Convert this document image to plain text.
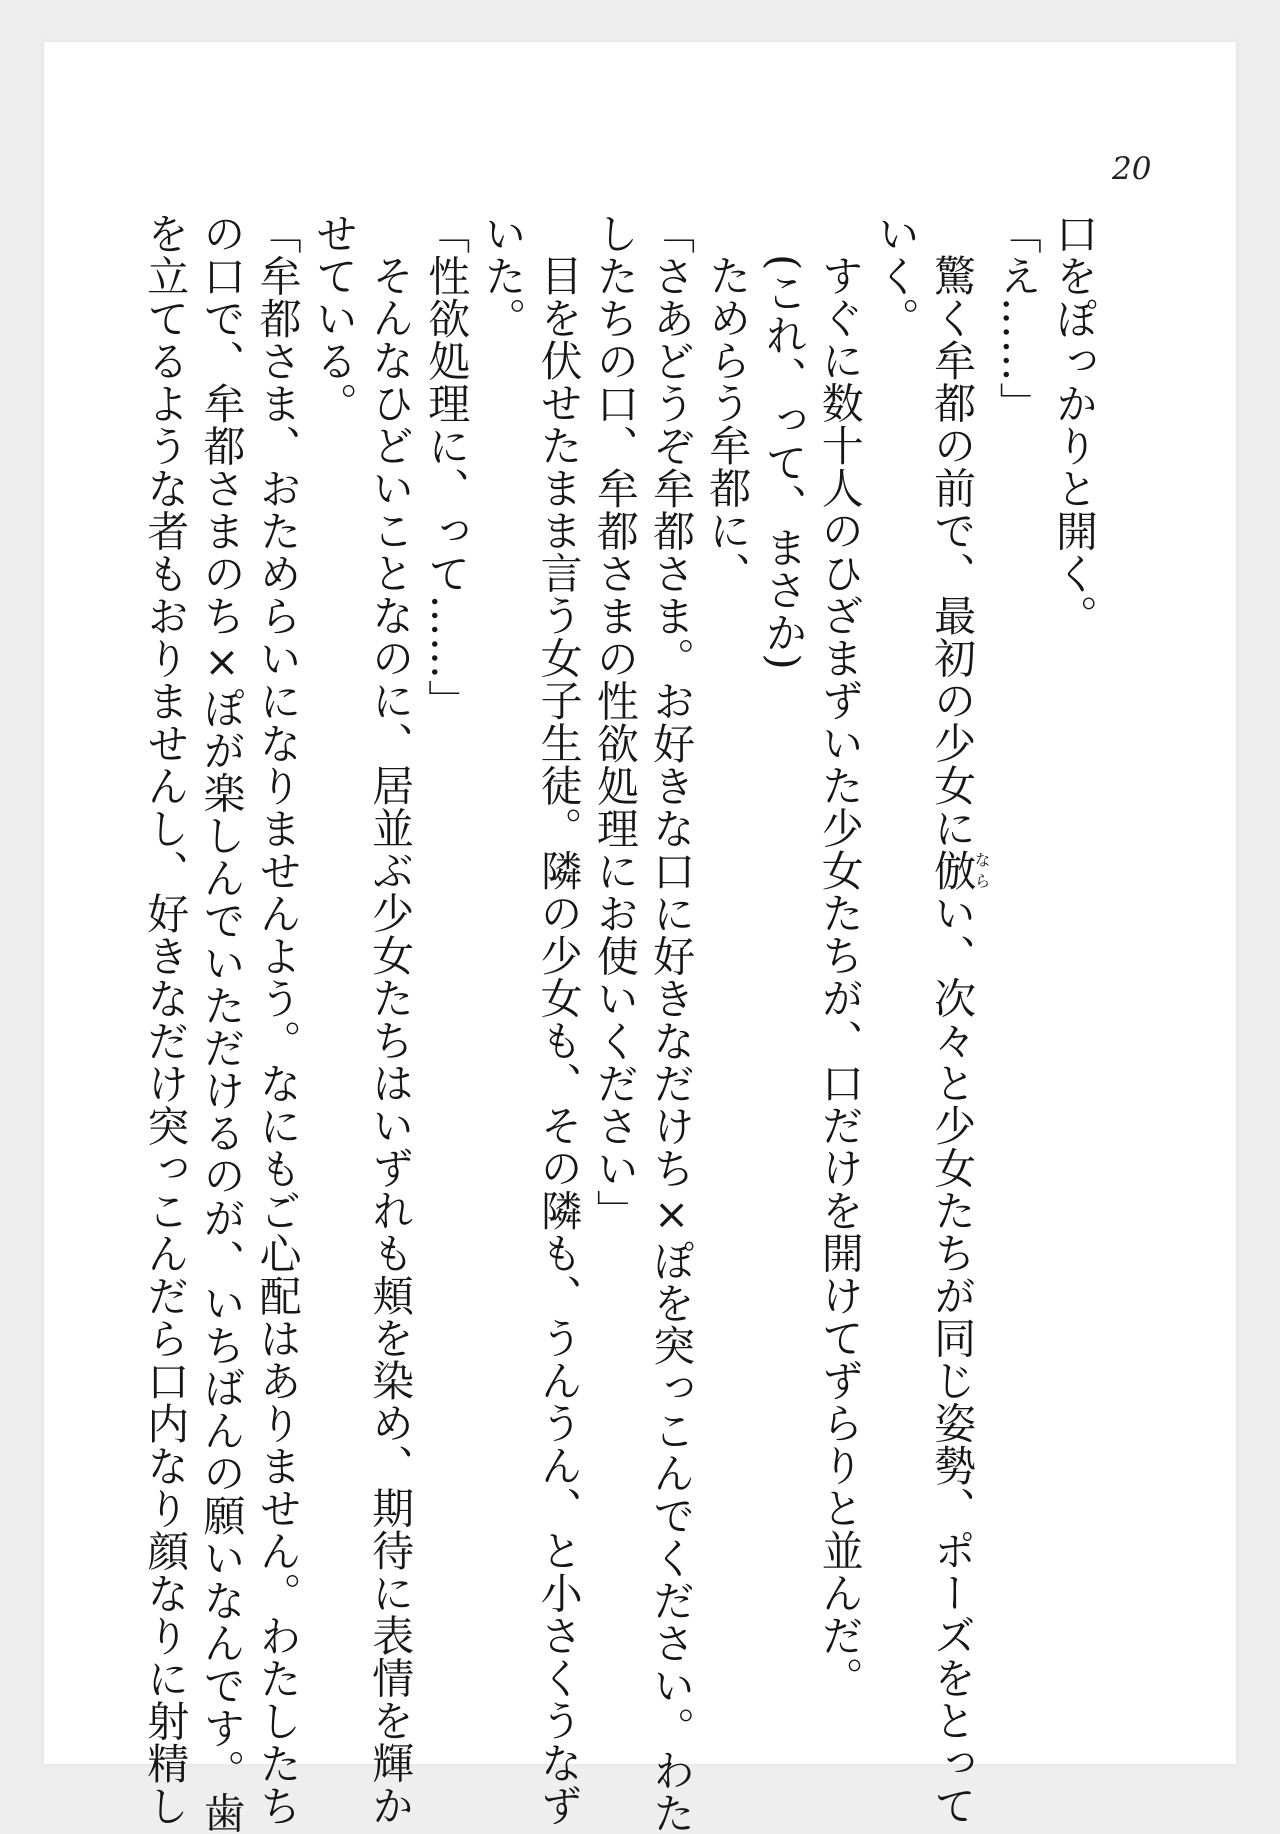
20
口をぽっかりと開く。
「え……」
驚く牟都の前で、最初の少女に倣ならい、次々と少女たちが同じ姿勢、ポーズをとって
いく。
すぐに数十人のひざまずいた少女たちが、口だけを開けてずらりと並んだ。
(これ、って、まさか)
ためらう牟都に、
「さあどうぞ牟都さま。お好きな口に好きなだけち×ぽを突っこんでください。わた
したちの口、牟都さまの性欲処理にお使いください」
目を伏せたまま言う女子生徒。隣の少女も、その隣も、うんうん、と小さくうなず
いた。
「性欲処理に、って……」
そんなひどいことなのに、居並ぶ少女たちはいずれも頬を染め、期待に表情を輝か
せている。
「牟都さま、おためらいになりませんよう。なにもご心配はありません。わたしたち
の口で、牟都さまのち×ぽが楽しんでいただけるのが、いちばんの願いなんです。歯
を立てるような者もおりませんし、好きなだけ突っこんだら口内なり顔なりに射精し
